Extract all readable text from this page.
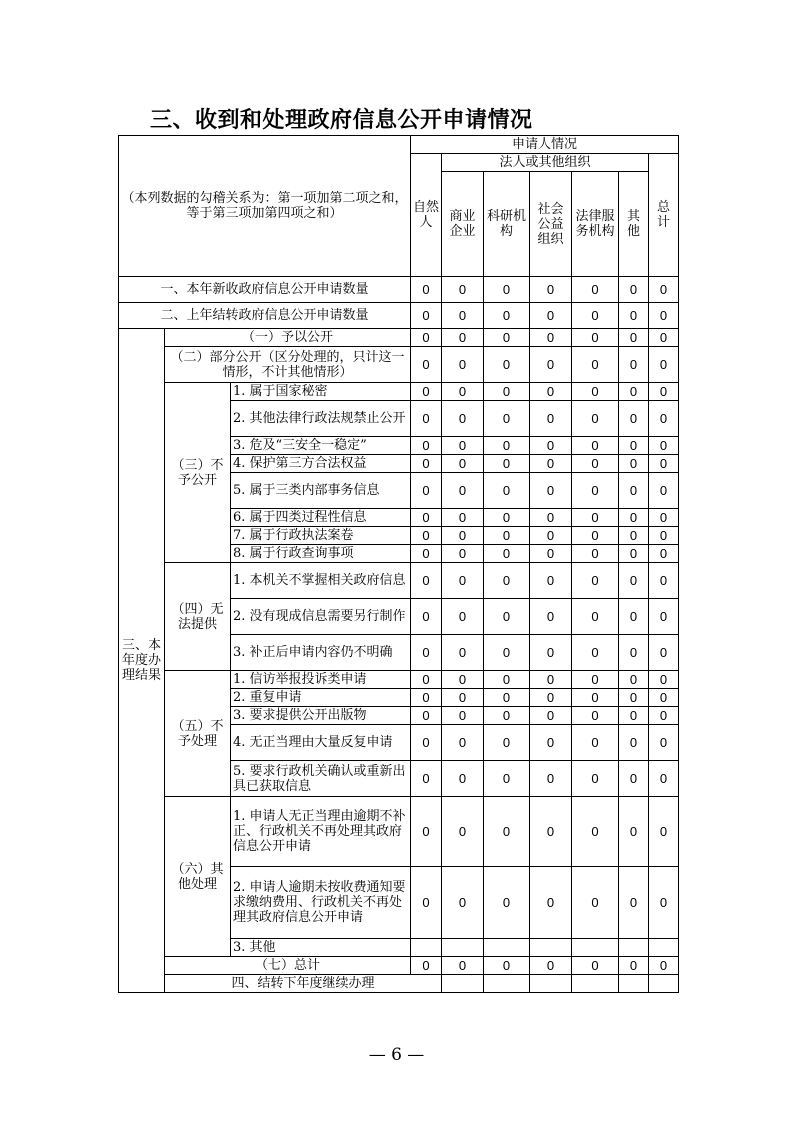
三、收到和处理政府信息公开申请情况
（本列数据的勾稽关系为：第一项加第二项之和，等于第三项加第四项之和）			申请人情况							
			自然人	法人或其他组织					总计	
				商业企业	科研机构	社会公益组织	法律服务机构	其他		
一、本年新收政府信息公开申请数量			0	0	0	0	0	0	0	
二、上年结转政府信息公开申请数量			0	0	0	0	0	0	0	
三、本年度办理结果	（一）予以公开		0	0	0	0	0	0	0	
	（二）部分公开（区分处理的，只计这一情形，不计其他情形）		0	0	0	0	0	0	0	
	（三）不予公开	1. 属于国家秘密	0	0	0	0	0	0	0	
		2. 其他法律行政法规禁止公开	0	0	0	0	0	0	0	
		3. 危及“三安全一稳定”	0	0	0	0	0	0	0	
		4. 保护第三方合法权益	0	0	0	0	0	0	0	
		5. 属于三类内部事务信息	0	0	0	0	0	0	0	
		6. 属于四类过程性信息	0	0	0	0	0	0	0	
		7. 属于行政执法案卷	0	0	0	0	0	0	0	
		8. 属于行政查询事项	0	0	0	0	0	0	0	
	（四）无法提供	1. 本机关不掌握相关政府信息	0	0	0	0	0	0	0	
		2. 没有现成信息需要另行制作	0	0	0	0	0	0	0	
		3. 补正后申请内容仍不明确	0	0	0	0	0	0	0	
	（五）不予处理	1. 信访举报投诉类申请	0	0	0	0	0	0	0	
		2. 重复申请	0	0	0	0	0	0	0	
		3. 要求提供公开出版物	0	0	0	0	0	0	0	
		4. 无正当理由大量反复申请	0	0	0	0	0	0	0	
		5. 要求行政机关确认或重新出具已获取信息	0	0	0	0	0	0	0	
	（六）其他处理	1. 申请人无正当理由逾期不补正、行政机关不再处理其政府信息公开申请	0	0	0	0	0	0	0	
		2. 申请人逾期未按收费通知要求缴纳费用、行政机关不再处理其政府信息公开申请	0	0	0	0	0	0	0	
		3. 其他								
	（七）总计		0	0	0	0	0	0	0	
	四、结转下年度继续办理									
— 6 —
